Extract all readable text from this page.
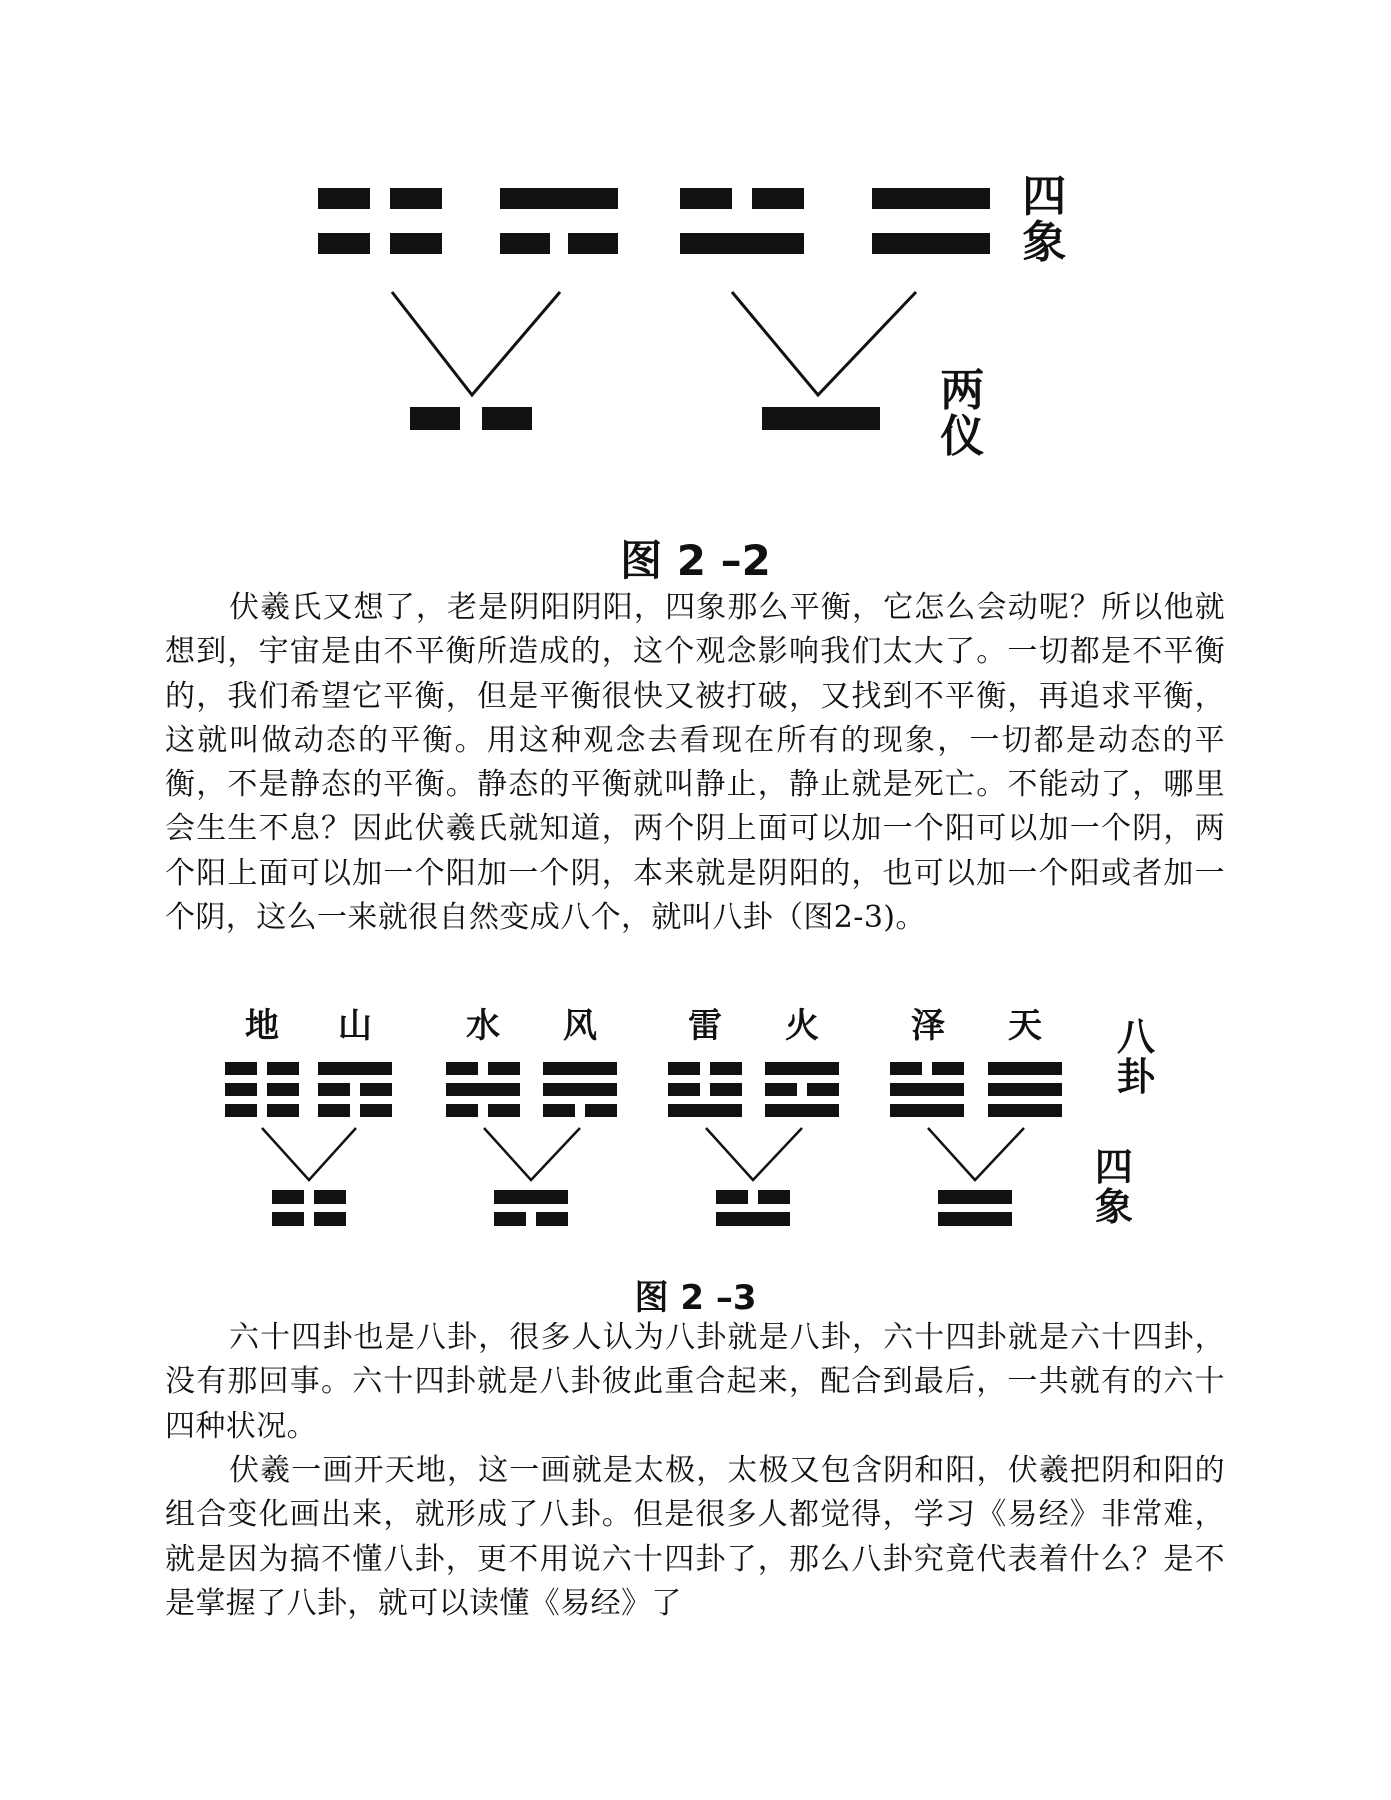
四象
两仪
图 2 –2

伏羲氏又想了，老是阴阳阴阳，四象那么平衡，它怎么会动呢？所以他就想到，宇宙是由不平衡所造成的，这个观念影响我们太大了。一切都是不平衡的，我们希望它平衡，但是平衡很快又被打破，又找到不平衡，再追求平衡，这就叫做动态的平衡。用这种观念去看现在所有的现象，一切都是动态的平衡，不是静态的平衡。静态的平衡就叫静止，静止就是死亡。不能动了，哪里会生生不息？因此伏羲氏就知道，两个阴上面可以加一个阳可以加一个阴，两个阳上面可以加一个阳加一个阴，本来就是阴阳的，也可以加一个阳或者加一个阴，这么一来就很自然变成八个，就叫八卦（图2-3)。

地 山	水 风	雷 火	泽 天 八卦
四象
图 2 –3

六十四卦也是八卦，很多人认为八卦就是八卦，六十四卦就是六十四卦，没有那回事。六十四卦就是八卦彼此重合起来，配合到最后，一共就有的六十四种状况。

伏羲一画开天地，这一画就是太极，太极又包含阴和阳，伏羲把阴和阳的组合变化画出来，就形成了八卦。但是很多人都觉得，学习《易经》非常难，就是因为搞不懂八卦，更不用说六十四卦了，那么八卦究竟代表着什么？是不是掌握了八卦，就可以读懂《易经》了
